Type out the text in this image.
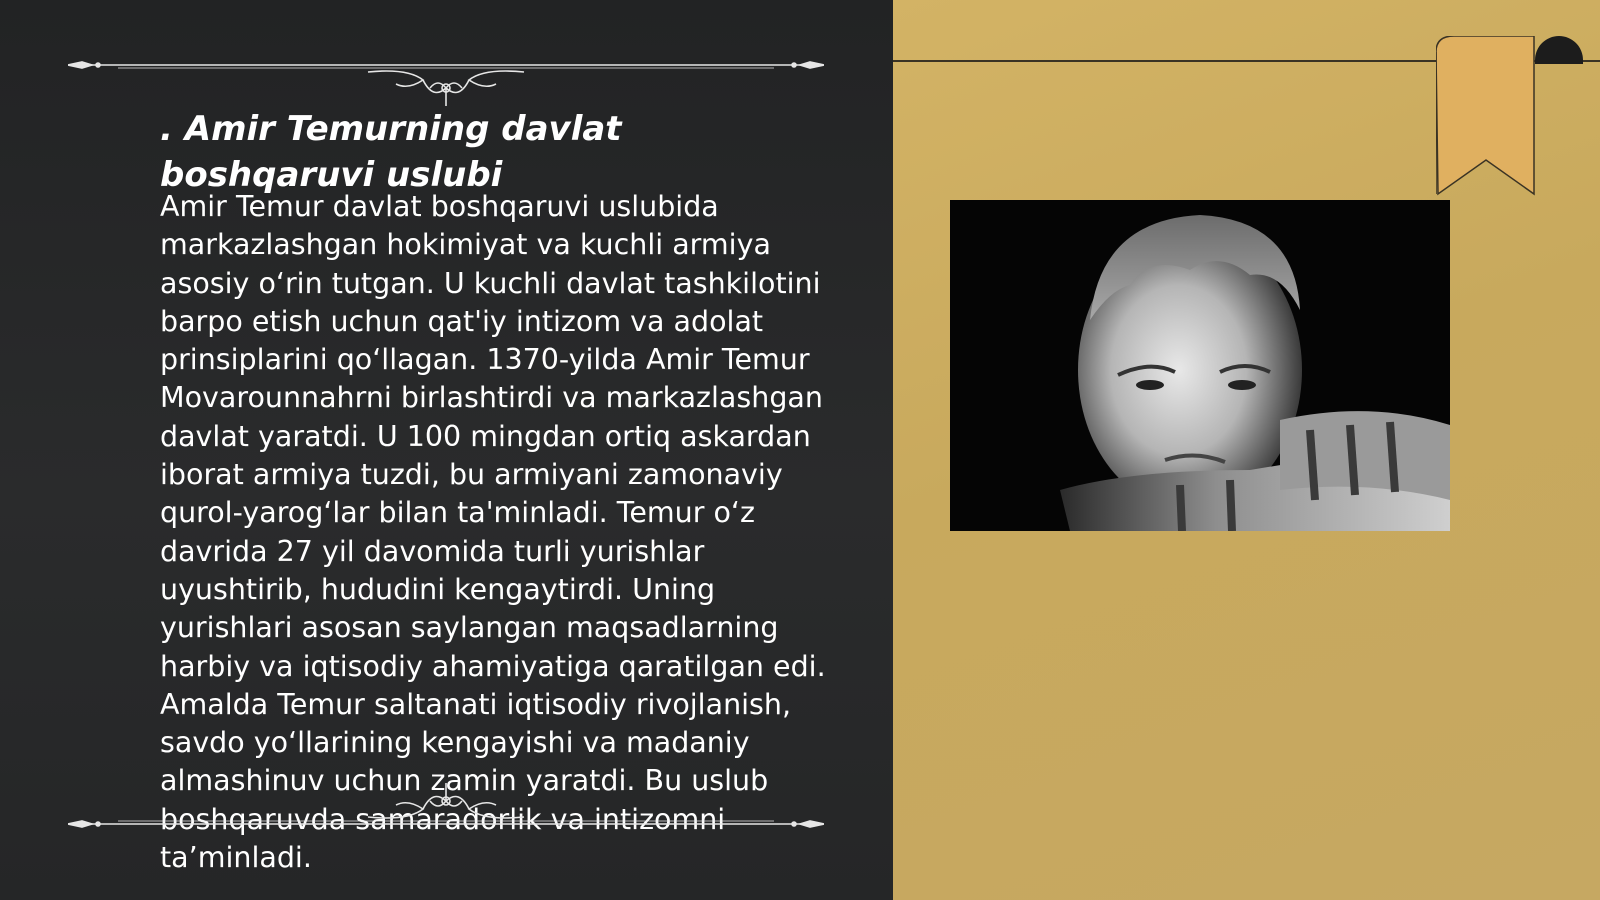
. Amir Temurning davlat boshqaruvi uslubi

Amir Temur davlat boshqaruvi uslubida markazlashgan hokimiyat va kuchli armiya asosiy o‘rin tutgan. U kuchli davlat tashkilotini barpo etish uchun qat'iy intizom va adolat prinsiplarini qo‘llagan. 1370-yilda Amir Temur Movarounnahrni birlashtirdi va markazlashgan davlat yaratdi. U 100 mingdan ortiq askardan iborat armiya tuzdi, bu armiyani zamonaviy qurol-yarog‘lar bilan ta'minladi. Temur o‘z davrida 27 yil davomida turli yurishlar uyushtirib, hududini kengaytirdi. Uning yurishlari asosan saylangan maqsadlarning harbiy va iqtisodiy ahamiyatiga qaratilgan edi. Amalda Temur saltanati iqtisodiy rivojlanish, savdo yo‘llarining kengayishi va madaniy almashinuv uchun zamin yaratdi. Bu uslub boshqaruvda samaradorlik va intizomni ta’minladi.
